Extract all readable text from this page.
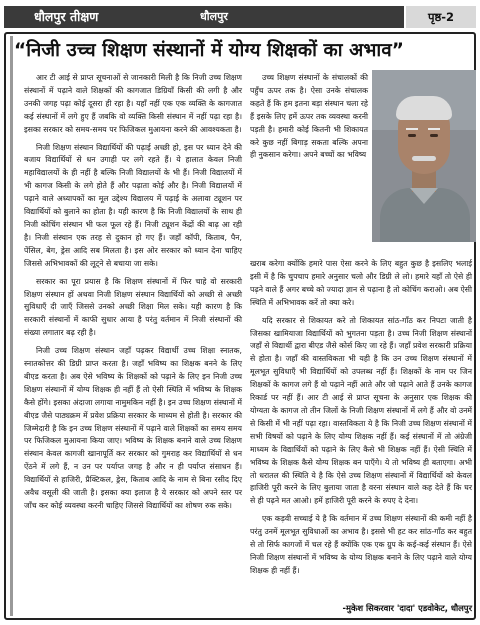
धौलपुर तीक्षण	धौलपुर	पृष्ठ-2
“निजी उच्च शिक्षण संस्थानों में योग्य शिक्षकों का अभाव”

आर टी आई से प्राप्त सूचनाओं से जानकारी मिली है कि निजी उच्च शिक्षण संस्थानों में पढ़ाने वाले शिक्षकों की कागजात डिग्रियाँ किसी की लगी है और उनकी जगह पढ़ा कोई दूसरा ही रहा है। यहाँ नहीं एक एक व्यक्ति के कागजात कई संस्थानों में लगे हुए हैं जबकि वो व्यक्ति किसी संस्थान में नहीं पढ़ा रहा है। इसका सरकार को समय-समय पर फिजिकल मुआयना करने की आवश्यकता है।

निजी शिक्षण संस्थान विद्यार्थियों की पढ़ाई अच्छी हो, इस पर ध्यान देने की बजाय विद्यार्थियों से धन उगाही पर लगे रहते हैं। ये हालात केवल निजी महाविद्यालयों के ही नहीं है बल्कि निजी विद्यालयों के भी हैं। निजी विद्यालयों में भी कागज किसी के लगे होते हैं और पढ़ाता कोई और है। निजी विद्यालयों में पढ़ाने वाले अध्यापकों का मूल उद्देश्य विद्यालय में पढ़ाई के अलावा ट्यूशन पर विद्यार्थियों को बुलाने का होता है। यही कारण है कि निजी विद्यालयों के साथ ही निजी कोचिंग संस्थान भी फल फूल रहे हैं। निजी ट्यूशन केंद्रों की बाढ़ आ रही है। निजी संस्थान एक तरह से दुकान हो गए हैं। जहाँ कॉपी, किताब, पैन, पेंसिल, बेग, ड्रेस आदि सब मिलता है। इस ओर सरकार को ध्यान देना चाहिए जिससे अभिभावकों की लूट्ने से बचाया जा सके।

सरकार का पूरा प्रयास है कि शिक्षण संस्थानों में फिर चाहे वो सरकारी शिक्षण संस्थान हों अथवा निजी शिक्षण संस्थान विद्यार्थियों को अच्छी से अच्छी सुविधाएँ दी जाएँ जिससे उनको अच्छी शिक्षा मिल सके। यही कारण है कि सरकारी संस्थानों में काफी सुधार आया है परंतु वर्तमान में निजी संस्थानों की संख्या लगातार बढ़ रही है।

निजी उच्च शिक्षण संस्थान जहाँ पढ़कर विद्यार्थी उच्च शिक्षा स्नातक, स्नातकोत्तर की डिग्री प्राप्त करता है। जहाँ भविष्य का शिक्षक बनने के लिए बीएड करता है। अब ऐसे भविष्य के शिक्षकों को पढ़ाने के लिए इन निजी उच्च शिक्षण संस्थानों में योग्य शिक्षक ही नहीं हैं तो ऐसी स्थिति में भविष्य के शिक्षक कैसे होंगे। इसका अंदाजा लगाया नामुमकिन नहीं है। इन उच्च शिक्षण संस्थानों में बीएड जैसे पाठ्यक्रम में प्रवेश प्रक्रिया सरकार के माध्यम से होती है। सरकार की जिम्मेदारी है कि इन उच्च शिक्षण संस्थानों में पढ़ाने वाले शिक्षकों का समय समय पर फिजिकल मुआयना किया जाए। भविष्य के शिक्षक बनाने वाले उच्च शिक्षण संस्थान केवल कागजी खानापूर्ति कर सरकार को गुमराह कर विद्यार्थियों से धन ऐंठने में लगे हैं, न उन पर पर्याप्त जगह है और न ही पर्याप्त संसाधन हैं। विद्यार्थियों से हाजिरी, प्रैक्टिकल, ड्रेस, किताब आदि के नाम से बिना रसीद दिए अवैध वसूली की जाती है। इसका क्या इलाज है ये सरकार को अपने स्तर पर जाँच कर कोई व्यवस्था करनी चाहिए जिससे विद्यार्थियों का शोषण रुक सके।

उच्च शिक्षण संस्थानों के संचालकों की पहुँच ऊपर तक है। ऐसा उनके संचालक कहते हैं कि हम इतना बड़ा संस्थान चला रहे हैं इसके लिए हमें ऊपर तक व्यवस्था करनी पड़ती है। हमारी कोई कितनी भी शिकायत करे कुछ नहीं बिगाड़ सकता बल्कि अपना ही नुकसान करेगा। अपने बच्चों का भविष्य

खराब करेगा क्योंकि हमारे पास ऐसा करने के लिए बहुत कुछ है इसलिए भलाई इसी में है कि चुपचाप हमारे अनुसार चलो और डिग्री ले लो। हमारे यहाँ तो ऐसे ही पढ़ने वाले हैं अगर बच्चे को ज्यादा ज्ञान से पढ़ाना है तो कोचिंग कराओ। अब ऐसी स्थिति में अभिभावक करें तो क्या करे।

यदि सरकार से शिकायत करे तो शिकायत सांठ-गाँठ कर निपटा जाती है जिसका खामियाजा विद्यार्थियों को भुगतना पड़ता है। उच्च निजी शिक्षण संस्थानों जहाँ से विद्यार्थी द्वारा बीएड जैसे कोर्स किए जा रहे हैं। जहाँ प्रवेश सरकारी प्रक्रिया से होता है। जहाँ की वास्तविकता भी यही है कि उन उच्च शिक्षण संस्थानों में मूलभूत सुविधाएँ भी विद्यार्थियों को उपलब्ध नहीं हैं। शिक्षकों के नाम पर जिन शिक्षकों के कागज लगे हैं वो पढ़ाने नहीं आते और जो पढ़ाने आते हैं उनके कागज रिकार्ड पर नहीं हैं। आर टी आई से प्राप्त सूचना के अनुसार एक शिक्षक की योग्यता के कागज तो तीन जिलों के निजी शिक्षण संस्थानों में लगे हैं और वो उनमें से किसी में भी नहीं पढ़ा रहा। वास्तविकता ये है कि निजी उच्च शिक्षण संस्थानों में सभी विषयों को पढ़ाने के लिए योग्य शिक्षक नहीं हैं। कई संस्थानों में तो अंग्रेजी माध्यम के विद्यार्थियों को पढ़ाने के लिए कैसे भी शिक्षक नहीं हैं। ऐसी स्थिति में भविष्य के शिक्षक कैसे योग्य शिक्षक बन पाएँगे। ये तो भविष्य ही बताएगा। अभी तो धरातल की स्थिति ये है कि ऐसे उच्च शिक्षण संस्थानों में विद्यार्थियों को केवल हाजिरी पूरी करने के लिए बुलाया जाता है वरना संस्थान वाले कह देते हैं कि घर से ही पढ़ने मत आओ। हमें हाजिरी पूरी करने के रुपए दे देना।

एक कड़वी सच्चाई ये है कि वर्तमान में उच्च शिक्षण संस्थानों की कमी नहीं है परंतु उनमें मूलभूत सुविधाओं का अभाव है। इससे भी हट कर सांठ-गाँठ कर बहुत से तो सिर्फ कागजों में चल रहे हैं क्योंकि एक एक ग्रुप के कई-कई संस्थान हैं। ऐसे निजी शिक्षण संस्थानों में भविष्य के योग्य शिक्षक बनाने के लिए पढ़ाने वाले योग्य शिक्षक ही नहीं हैं।

-मुकेश सिकरवार 'दादा' एडवोकेट, धौलपुर
